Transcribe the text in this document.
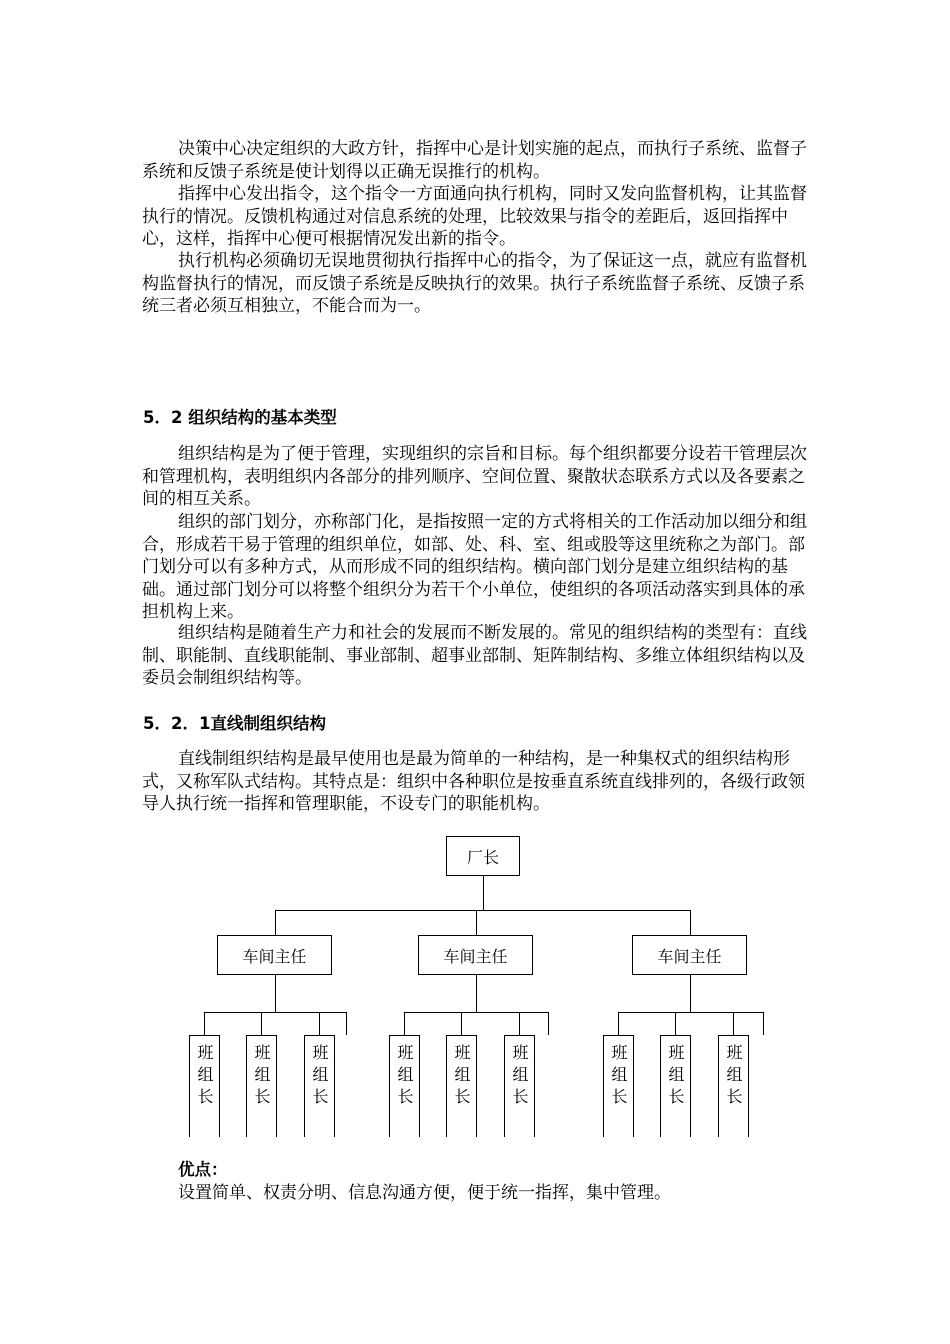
决策中心决定组织的大政方针，指挥中心是计划实施的起点，而执行子系统、监督子系统和反馈子系统是使计划得以正确无误推行的机构。

指挥中心发出指令，这个指令一方面通向执行机构，同时又发向监督机构，让其监督执行的情况。反馈机构通过对信息系统的处理，比较效果与指令的差距后，返回指挥中心，这样，指挥中心便可根据情况发出新的指令。

执行机构必须确切无误地贯彻执行指挥中心的指令，为了保证这一点，就应有监督机构监督执行的情况，而反馈子系统是反映执行的效果。执行子系统监督子系统、反馈子系统三者必须互相独立，不能合而为一。

5．2 组织结构的基本类型

组织结构是为了便于管理，实现组织的宗旨和目标。每个组织都要分设若干管理层次和管理机构，表明组织内各部分的排列顺序、空间位置、聚散状态联系方式以及各要素之间的相互关系。

组织的部门划分，亦称部门化，是指按照一定的方式将相关的工作活动加以细分和组合，形成若干易于管理的组织单位，如部、处、科、室、组或股等这里统称之为部门。部门划分可以有多种方式，从而形成不同的组织结构。横向部门划分是建立组织结构的基础。通过部门划分可以将整个组织分为若干个小单位，使组织的各项活动落实到具体的承担机构上来。

组织结构是随着生产力和社会的发展而不断发展的。常见的组织结构的类型有：直线制、职能制、直线职能制、事业部制、超事业部制、矩阵制结构、多维立体组织结构以及委员会制组织结构等。

5．2．1直线制组织结构

直线制组织结构是最早使用也是最为简单的一种结构，是一种集权式的组织结构形式，又称军队式结构。其特点是：组织中各种职位是按垂直系统直线排列的，各级行政领导人执行统一指挥和管理职能，不设专门的职能机构。

厂长
车间主任	车间主任	车间主任
班组长	班组长	班组长	班组长	班组长	班组长	班组长	班组长	班组长
优点：
设置简单、权责分明、信息沟通方便，便于统一指挥，集中管理。
